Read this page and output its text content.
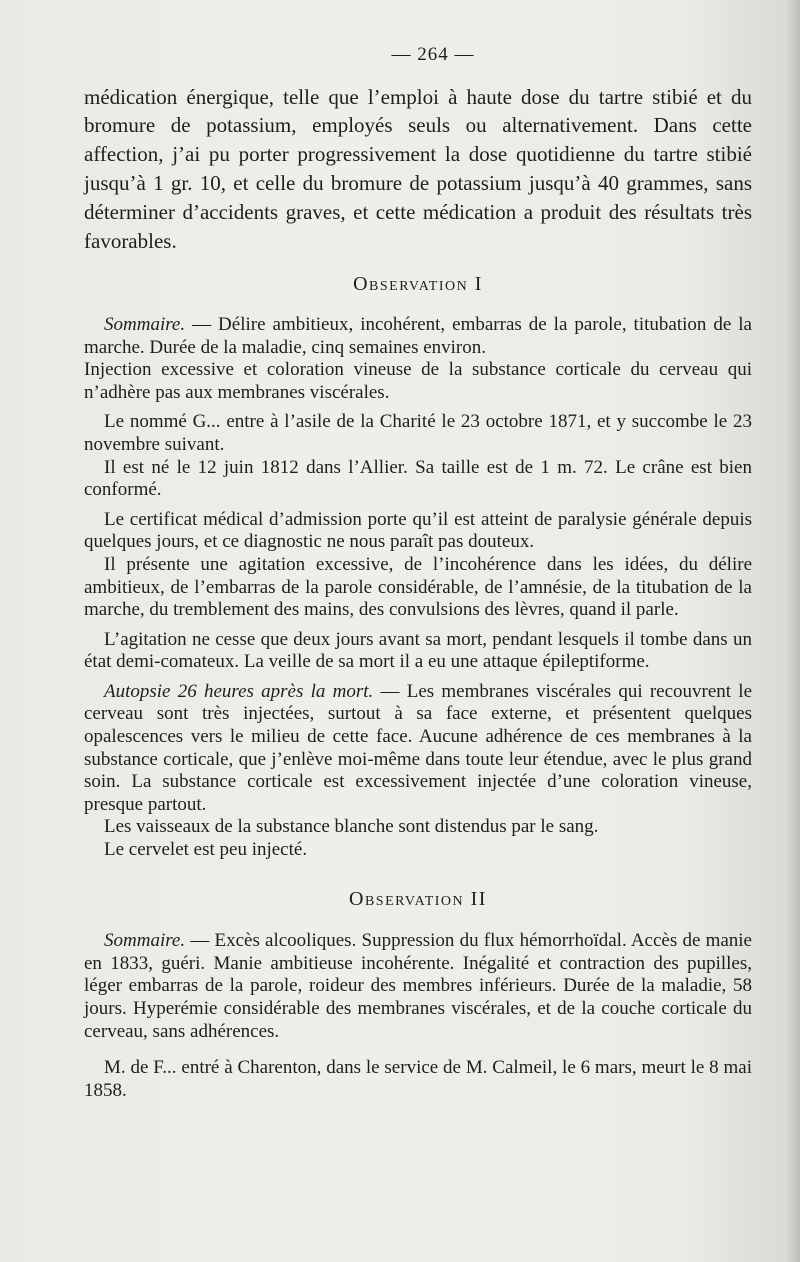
— 264 —

médication énergique, telle que l’emploi à haute dose du tartre stibié et du bromure de potassium, employés seuls ou alternativement. Dans cette affection, j’ai pu porter progressivement la dose quotidienne du tartre stibié jusqu’à 1 gr. 10, et celle du bromure de potassium jusqu’à 40 grammes, sans déterminer d’accidents graves, et cette médication a produit des résultats très favorables.

Observation I

Sommaire. — Délire ambitieux, incohérent, embarras de la parole, titubation de la marche. Durée de la maladie, cinq semaines environ.

Injection excessive et coloration vineuse de la substance corticale du cerveau qui n’adhère pas aux membranes viscérales.

Le nommé G... entre à l’asile de la Charité le 23 octobre 1871, et y succombe le 23 novembre suivant.

Il est né le 12 juin 1812 dans l’Allier. Sa taille est de 1 m. 72. Le crâne est bien conformé.

Le certificat médical d’admission porte qu’il est atteint de paralysie générale depuis quelques jours, et ce diagnostic ne nous paraît pas douteux.

Il présente une agitation excessive, de l’incohérence dans les idées, du délire ambitieux, de l’embarras de la parole considérable, de l’amnésie, de la titubation de la marche, du tremblement des mains, des convulsions des lèvres, quand il parle.

L’agitation ne cesse que deux jours avant sa mort, pendant lesquels il tombe dans un état demi-comateux. La veille de sa mort il a eu une attaque épileptiforme.

Autopsie 26 heures après la mort. — Les membranes viscérales qui recouvrent le cerveau sont très injectées, surtout à sa face externe, et présentent quelques opalescences vers le milieu de cette face. Aucune adhérence de ces membranes à la substance corticale, que j’enlève moi-même dans toute leur étendue, avec le plus grand soin. La substance corticale est excessivement injectée d’une coloration vineuse, presque partout.

Les vaisseaux de la substance blanche sont distendus par le sang.

Le cervelet est peu injecté.

Observation II

Sommaire. — Excès alcooliques. Suppression du flux hémorrhoïdal. Accès de manie en 1833, guéri. Manie ambitieuse incohérente. Inégalité et contraction des pupilles, léger embarras de la parole, roideur des membres inférieurs. Durée de la maladie, 58 jours. Hyperémie considérable des membranes viscérales, et de la couche corticale du cerveau, sans adhérences.

M. de F... entré à Charenton, dans le service de M. Calmeil, le 6 mars, meurt le 8 mai 1858.
